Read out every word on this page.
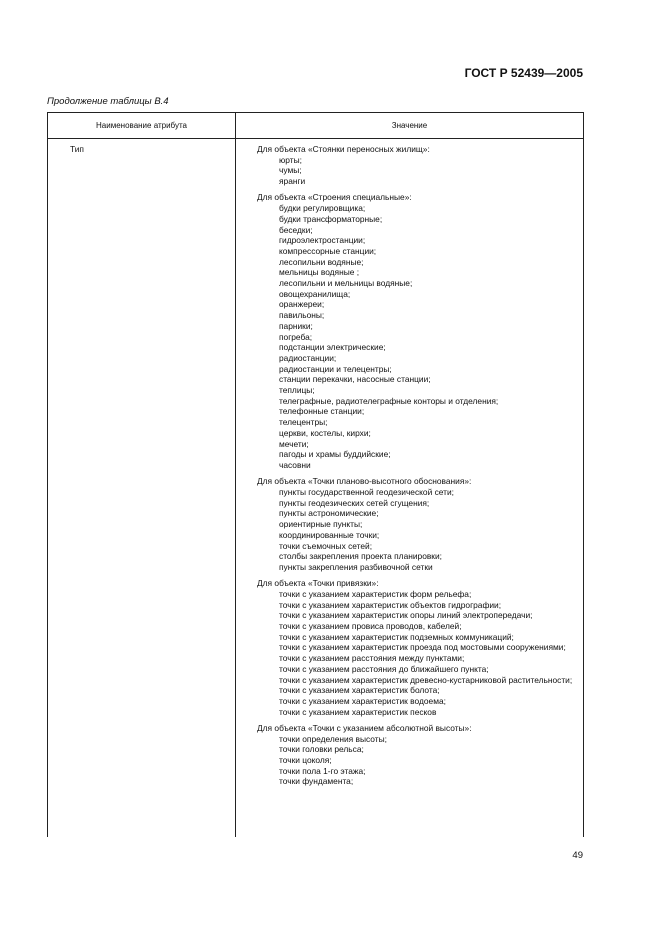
ГОСТ Р 52439—2005
Продолжение таблицы В.4
Наименование атрибута	Значение
Тип	Для объекта «Стоянки переносных жилищ»:
юрты;
чумы;
яранги
Для объекта «Строения специальные»:
будки регулировщика;
будки трансформаторные;
беседки;
гидроэлектростанции;
компрессорные станции;
лесопильни водяные;
мельницы водяные ;
лесопильни и мельницы водяные;
овощехранилища;
оранжереи;
павильоны;
парники;
погреба;
подстанции электрические;
радиостанции;
радиостанции и телецентры;
станции перекачки, насосные станции;
теплицы;
телеграфные, радиотелеграфные конторы и отделения;
телефонные станции;
телецентры;
церкви, костелы, кирхи;
мечети;
пагоды и храмы буддийские;
часовни
Для объекта «Точки планово-высотного обоснования»:
пункты государственной геодезической сети;
пункты геодезических сетей сгущения;
пункты астрономические;
ориентирные пункты;
координированные точки;
точки съемочных сетей;
столбы закрепления проекта планировки;
пункты закрепления разбивочной сетки
Для объекта «Точки привязки»:
точки с указанием характеристик форм рельефа;
точки с указанием характеристик объектов гидрографии;
точки с указанием характеристик опоры линий электропередачи;
точки с указанием провиса проводов, кабелей;
точки с указанием характеристик подземных коммуникаций;
точки с указанием характеристик проезда под мостовыми сооружениями;
точки с указанием расстояния между пунктами;
точки с указанием расстояния до ближайшего пункта;
точки с указанием характеристик древесно-кустарниковой растительности;
точки с указанием характеристик болота;
точки с указанием характеристик водоема;
точки с указанием характеристик песков
Для объекта «Точки с указанием абсолютной высоты»:
точки определения высоты;
точки головки рельса;
точки цоколя;
точки пола 1-го этажа;
точки фундамента;
49
